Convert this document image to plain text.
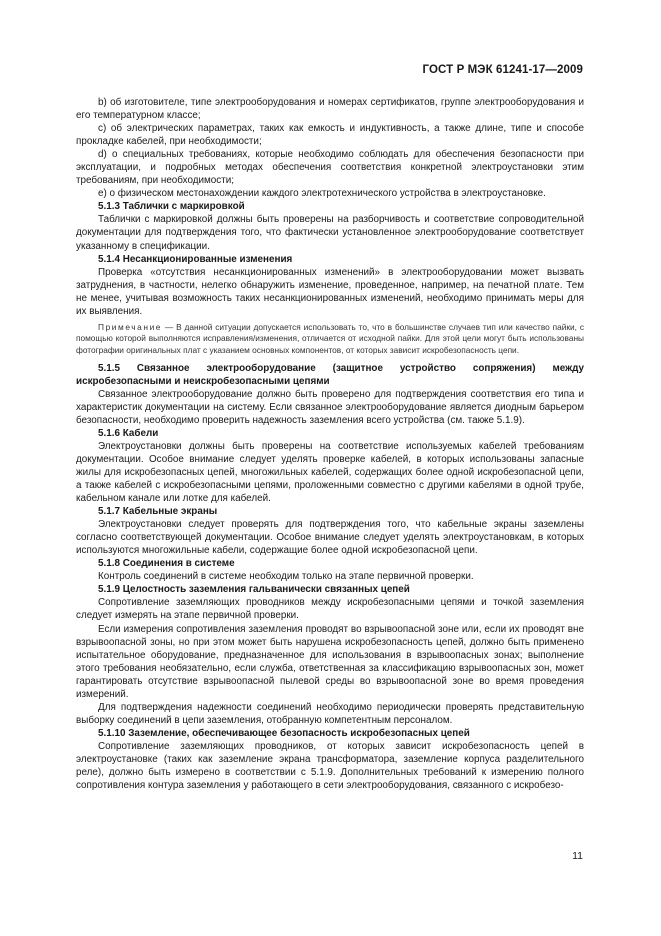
ГОСТ Р МЭК 61241-17—2009

b) об изготовителе, типе электрооборудования и номерах сертификатов, группе электрооборудования и его температурном классе;

c) об электрических параметрах, таких как емкость и индуктивность, а также длине, типе и способе прокладке кабелей, при необходимости;

d) о специальных требованиях, которые необходимо соблюдать для обеспечения безопасности при эксплуатации, и подробных методах обеспечения соответствия конкретной электроустановки этим требованиям, при необходимости;

e) о физическом местонахождении каждого электротехнического устройства в электроустановке.

5.1.3 Таблички с маркировкой

Таблички с маркировкой должны быть проверены на разборчивость и соответствие сопроводительной документации для подтверждения того, что фактически установленное электрооборудование соответствует указанному в спецификации.

5.1.4 Несанкционированные изменения

Проверка «отсутствия несанкционированных изменений» в электрооборудовании может вызвать затруднения, в частности, нелегко обнаружить изменение, проведенное, например, на печатной плате. Тем не менее, учитывая возможность таких несанкционированных изменений, необходимо принимать меры для их выявления.

Примечание — В данной ситуации допускается использовать то, что в большинстве случаев тип или качество пайки, с помощью которой выполняются исправления/изменения, отличается от исходной пайки. Для этой цели могут быть использованы фотографии оригинальных плат с указанием основных компонентов, от которых зависит искробезопасность цепи.

5.1.5 Связанное электрооборудование (защитное устройство сопряжения) между искробезопасными и неискробезопасными цепями

Связанное электрооборудование должно быть проверено для подтверждения соответствия его типа и характеристик документации на систему. Если связанное электрооборудование является диодным барьером безопасности, необходимо проверить надежность заземления всего устройства (см. также 5.1.9).

5.1.6 Кабели

Электроустановки должны быть проверены на соответствие используемых кабелей требованиям документации. Особое внимание следует уделять проверке кабелей, в которых использованы запасные жилы для искробезопасных цепей, многожильных кабелей, содержащих более одной искробезопасной цепи, а также кабелей с искробезопасными цепями, проложенными совместно с другими кабелями в одной трубе, кабельном канале или лотке для кабелей.

5.1.7 Кабельные экраны

Электроустановки следует проверять для подтверждения того, что кабельные экраны заземлены согласно соответствующей документации. Особое внимание следует уделять электроустановкам, в которых используются многожильные кабели, содержащие более одной искробезопасной цепи.

5.1.8 Соединения в системе

Контроль соединений в системе необходим только на этапе первичной проверки.

5.1.9 Целостность заземления гальванически связанных цепей

Сопротивление заземляющих проводников между искробезопасными цепями и точкой заземления следует измерять на этапе первичной проверки.

Если измерения сопротивления заземления проводят во взрывоопасной зоне или, если их проводят вне взрывоопасной зоны, но при этом может быть нарушена искробезопасность цепей, должно быть применено испытательное оборудование, предназначенное для использования в взрывоопасных зонах; выполнение этого требования необязательно, если служба, ответственная за классификацию взрывоопасных зон, может гарантировать отсутствие взрывоопасной пылевой среды во взрывоопасной зоне во время проведения измерений.

Для подтверждения надежности соединений необходимо периодически проверять представительную выборку соединений в цепи заземления, отобранную компетентным персоналом.

5.1.10 Заземление, обеспечивающее безопасность искробезопасных цепей

Сопротивление заземляющих проводников, от которых зависит искробезопасность цепей в электроустановке (таких как заземление экрана трансформатора, заземление корпуса разделительного реле), должно быть измерено в соответствии с 5.1.9. Дополнительных требований к измерению полного сопротивления контура заземления у работающего в сети электрооборудования, связанного с искробезо-

11
